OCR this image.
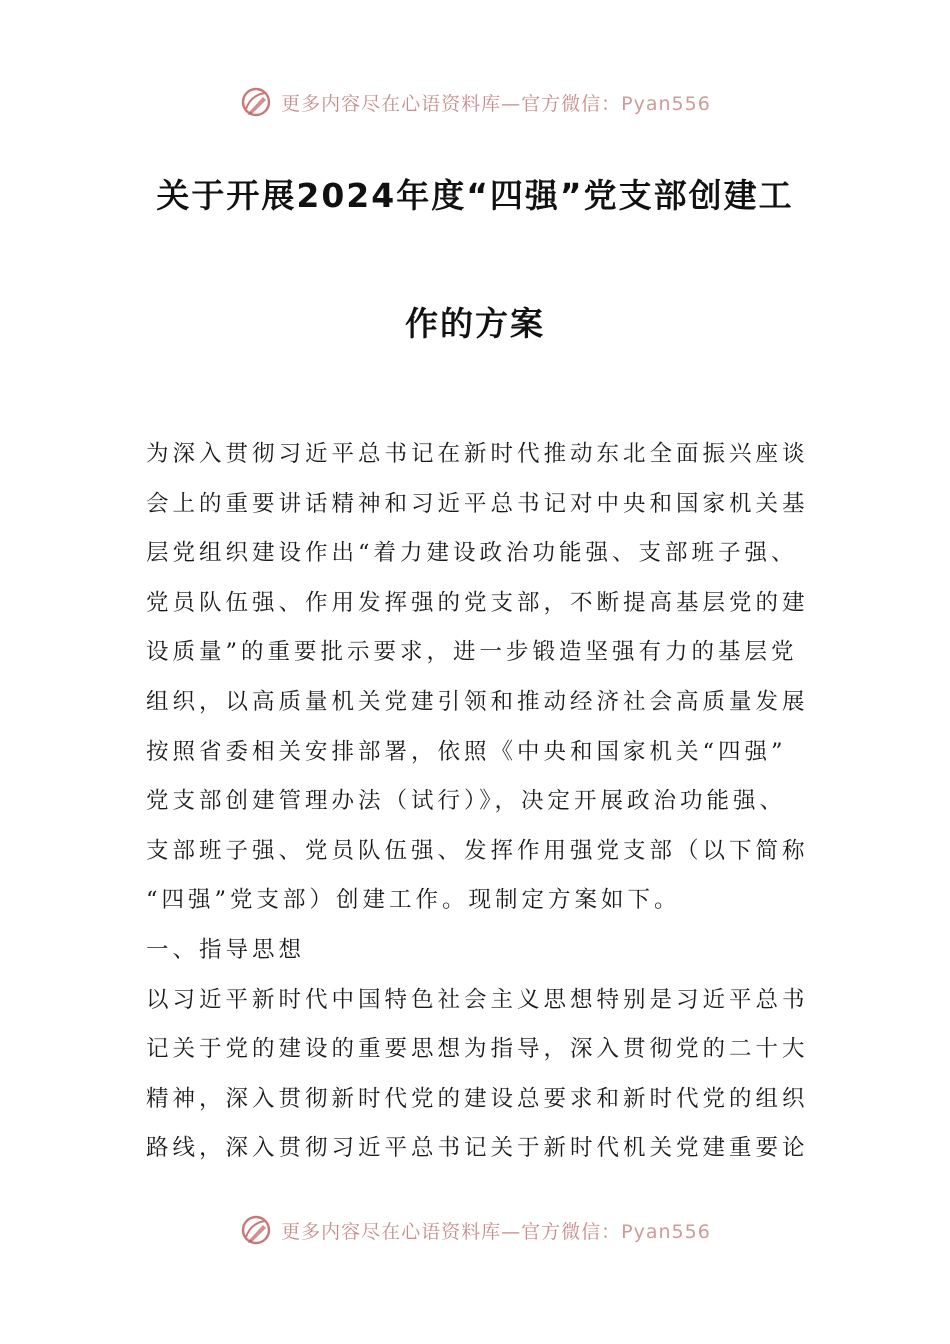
更多内容尽在心语资料库—官方微信：Pyan556
关于开展2024年度“四强”党支部创建工
作的方案

为深入贯彻习近平总书记在新时代推动东北全面振兴座谈

会上的重要讲话精神和习近平总书记对中央和国家机关基

层党组织建设作出“着力建设政治功能强、支部班子强、

党员队伍强、作用发挥强的党支部，不断提高基层党的建

设质量”的重要批示要求，进一步锻造坚强有力的基层党

组织，以高质量机关党建引领和推动经济社会高质量发展

按照省委相关安排部署，依照《中央和国家机关“四强”

党支部创建管理办法（试行）》，决定开展政治功能强、

支部班子强、党员队伍强、发挥作用强党支部（以下简称

“四强”党支部）创建工作。现制定方案如下。

一、指导思想

以习近平新时代中国特色社会主义思想特别是习近平总书

记关于党的建设的重要思想为指导，深入贯彻党的二十大

精神，深入贯彻新时代党的建设总要求和新时代党的组织

路线，深入贯彻习近平总书记关于新时代机关党建重要论

更多内容尽在心语资料库—官方微信：Pyan556
